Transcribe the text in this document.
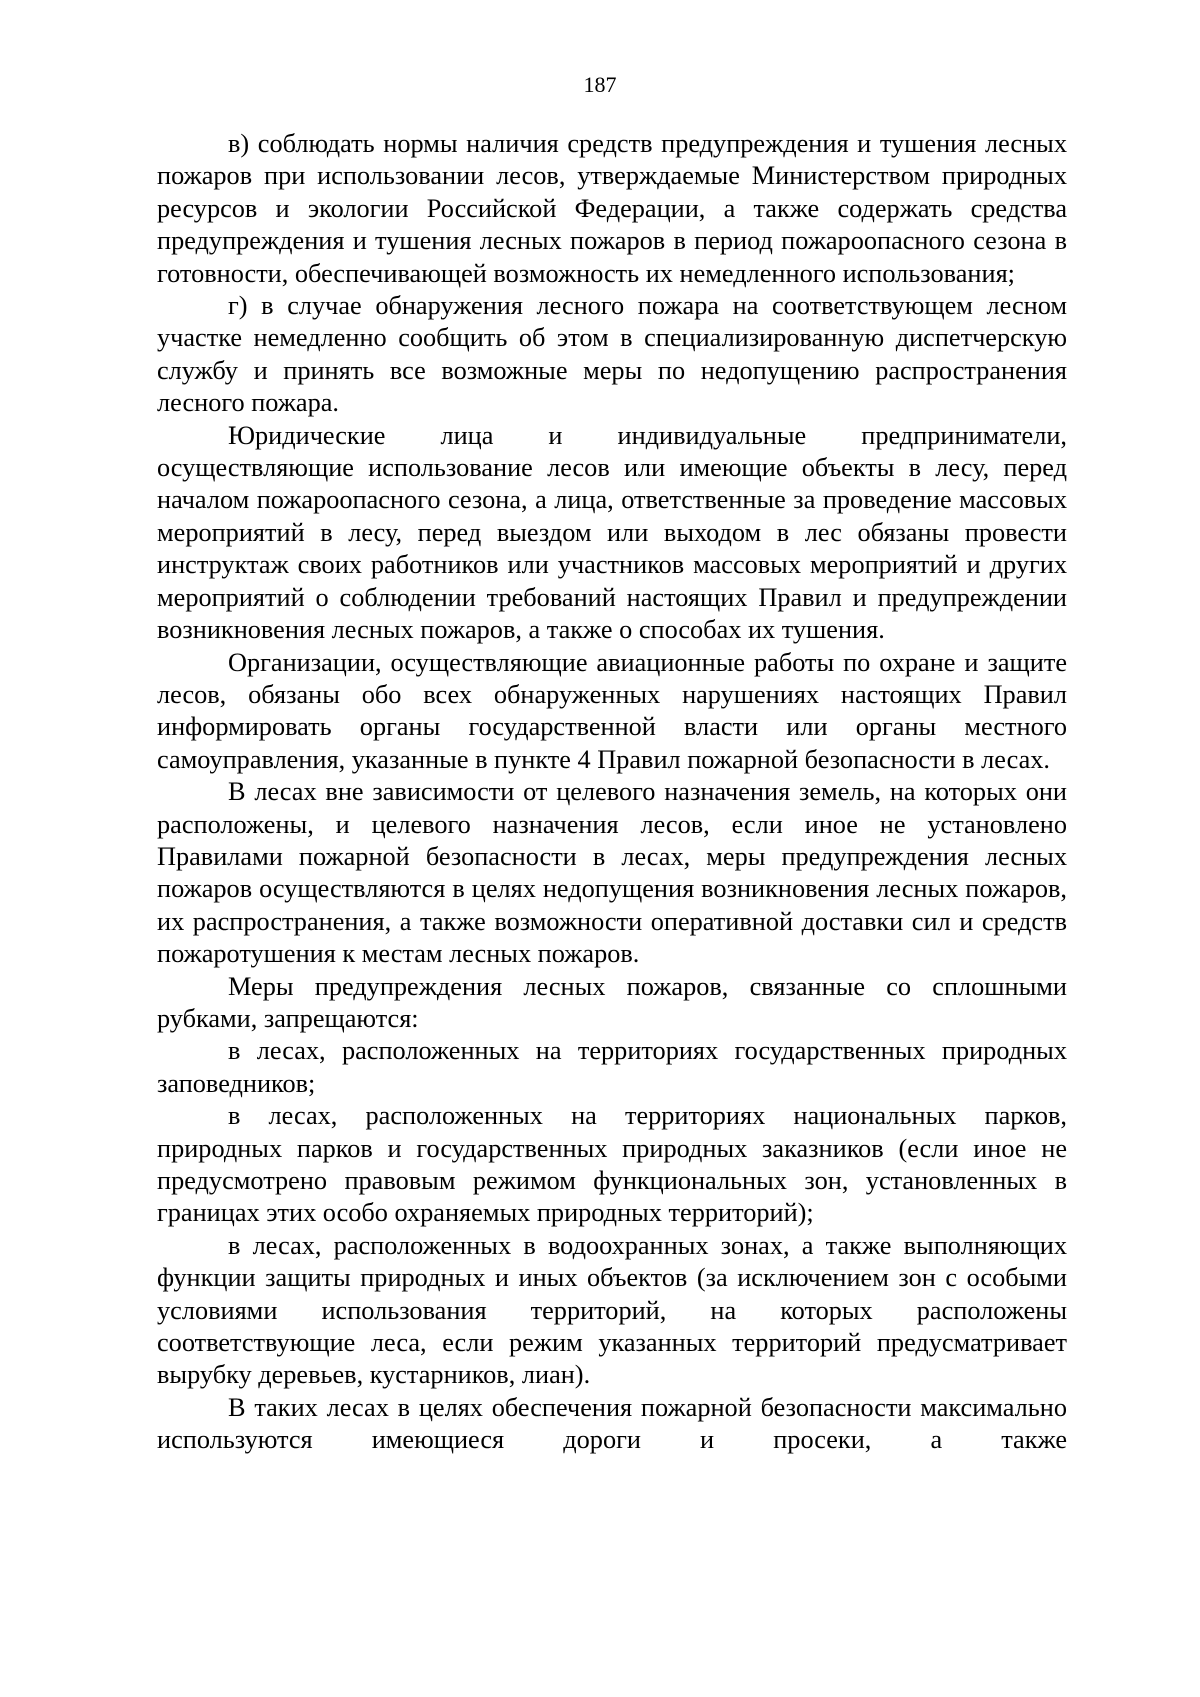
187

в) соблюдать нормы наличия средств предупреждения и тушения лесных пожаров при использовании лесов, утверждаемые Министерством природных ресурсов и экологии Российской Федерации, а также содержать средства предупреждения и тушения лесных пожаров в период пожароопасного сезона в готовности, обеспечивающей возможность их немедленного использования;

г) в случае обнаружения лесного пожара на соответствующем лесном участке немедленно сообщить об этом в специализированную диспетчерскую службу и принять все возможные меры по недопущению распространения лесного пожара.

Юридические лица и индивидуальные предприниматели, осуществляющие использование лесов или имеющие объекты в лесу, перед началом пожароопасного сезона, а лица, ответственные за проведение массовых мероприятий в лесу, перед выездом или выходом в лес обязаны провести инструктаж своих работников или участников массовых мероприятий и других мероприятий о соблюдении требований настоящих Правил и предупреждении возникновения лесных пожаров, а также о способах их тушения.

Организации, осуществляющие авиационные работы по охране и защите лесов, обязаны обо всех обнаруженных нарушениях настоящих Правил информировать органы государственной власти или органы местного самоуправления, указанные в пункте 4 Правил пожарной безопасности в лесах.

В лесах вне зависимости от целевого назначения земель, на которых они расположены, и целевого назначения лесов, если иное не установлено Правилами пожарной безопасности в лесах, меры предупреждения лесных пожаров осуществляются в целях недопущения возникновения лесных пожаров, их распространения, а также возможности оперативной доставки сил и средств пожаротушения к местам лесных пожаров.

Меры предупреждения лесных пожаров, связанные со сплошными рубками, запрещаются:

в лесах, расположенных на территориях государственных природных заповедников;

в лесах, расположенных на территориях национальных парков, природных парков и государственных природных заказников (если иное не предусмотрено правовым режимом функциональных зон, установленных в границах этих особо охраняемых природных территорий);

в лесах, расположенных в водоохранных зонах, а также выполняющих функции защиты природных и иных объектов (за исключением зон с особыми условиями использования территорий, на которых расположены соответствующие леса, если режим указанных территорий предусматривает вырубку деревьев, кустарников, лиан).

В таких лесах в целях обеспечения пожарной безопасности максимально используются имеющиеся дороги и просеки, а также
